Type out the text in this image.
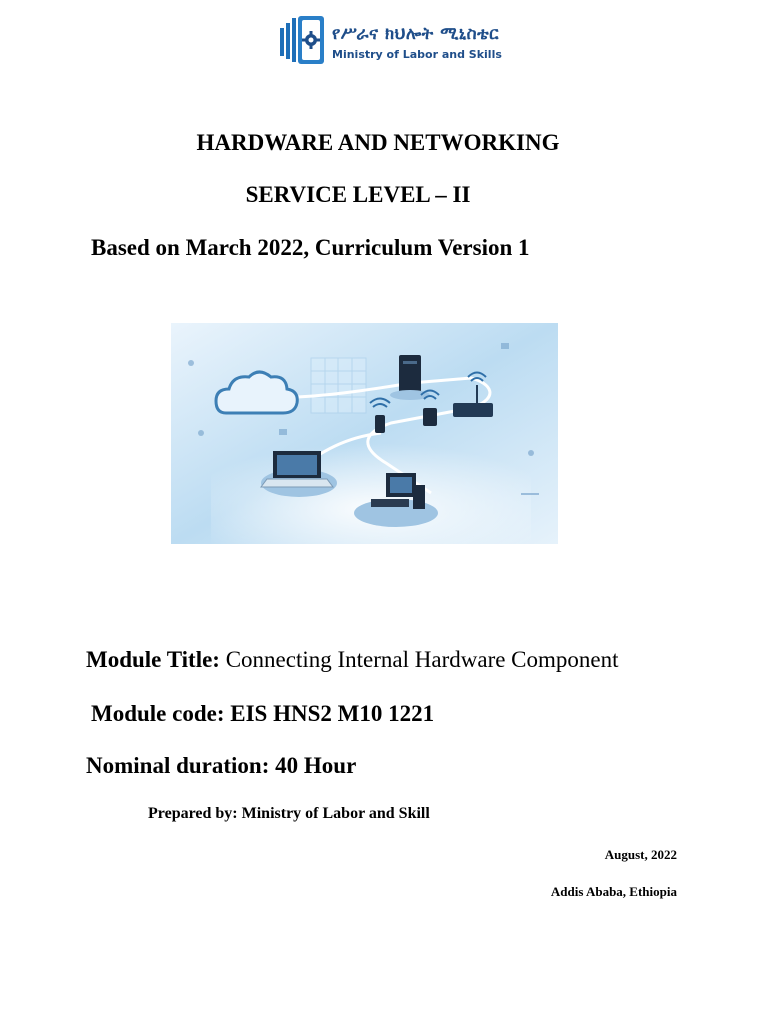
የሥራና ክህሎት ሚኒስቴር
Ministry of Labor and Skills
HARDWARE AND NETWORKING
SERVICE LEVEL – II
Based on March 2022, Curriculum Version 1
Module Title: Connecting Internal Hardware Component
Module code: EIS HNS2 M10 1221
Nominal duration: 40 Hour
Prepared by: Ministry of Labor and Skill
August, 2022
Addis Ababa, Ethiopia
